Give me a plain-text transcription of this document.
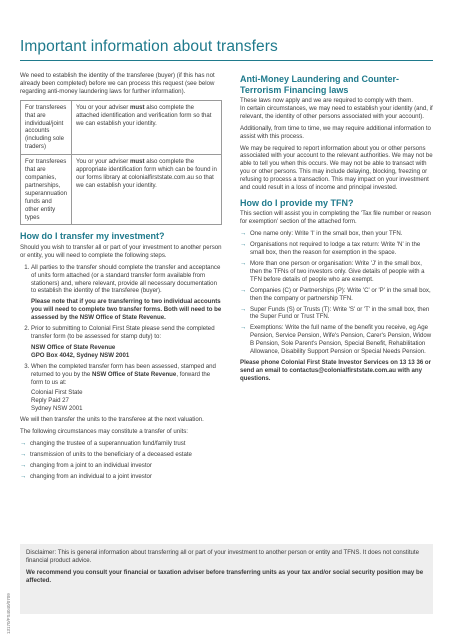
Important information about transfers

We need to establish the identity of the transferee (buyer) (if this has not already been completed) before we can process this request (see below regarding anti-money laundering laws for further information).

For transferees that are individual/joint accounts (including sole traders)	You or your adviser must also complete the attached identification and verification form so that we can establish your identity.
For transferees that are companies, partnerships, superannuation funds and other entity types	You or your adviser must also complete the appropriate identification form which can be found in our forms library at colonialfirststate.com.au so that we can establish your identity.
How do I transfer my investment?

Should you wish to transfer all or part of your investment to another person or entity, you will need to complete the following steps.

1. All parties to the transfer should complete the transfer and acceptance of units form attached (or a standard transfer form available from stationers) and, where relevant, provide all necessary documentation to establish the identity of the transferee (buyer).
Please note that if you are transferring to two individual accounts you will need to complete two transfer forms. Both will need to be assessed by the NSW Office of State Revenue.
2. Prior to submitting to Colonial First State please send the completed transfer form (to be assessed for stamp duty) to:
NSW Office of State Revenue
GPO Box 4042, Sydney NSW 2001
3. When the completed transfer form has been assessed, stamped and returned to you by the NSW Office of State Revenue, forward the form to us at:
Colonial First State
Reply Paid 27
Sydney NSW 2001

We will then transfer the units to the transferee at the next valuation.

The following circumstances may constitute a transfer of units:

→ changing the trustee of a superannuation fund/family trust
→ transmission of units to the beneficiary of a deceased estate
→ changing from a joint to an individual investor
→ changing from an individual to a joint investor
Anti-Money Laundering and Counter-Terrorism Financing laws

These laws now apply and we are required to comply with them.
In certain circumstances, we may need to establish your identity (and, if relevant, the identity of other persons associated with your account).

Additionally, from time to time, we may require additional information to assist with this process.

We may be required to report information about you or other persons associated with your account to the relevant authorities. We may not be able to tell you when this occurs. We may not be able to transact with you or other persons. This may include delaying, blocking, freezing or refusing to process a transaction. This may impact on your investment and could result in a loss of income and principal invested.

How do I provide my TFN?

This section will assist you in completing the 'Tax file number or reason for exemption' section of the attached form.

→ One name only: Write 'I' in the small box, then your TFN.
→ Organisations not required to lodge a tax return: Write 'N' in the small box, then the reason for exemption in the space.
→ More than one person or organisation: Write 'J' in the small box, then the TFNs of two investors only. Give details of people with a TFN before details of people who are exempt.
→ Companies (C) or Partnerships (P): Write 'C' or 'P' in the small box, then the company or partnership TFN.
→ Super Funds (S) or Trusts (T): Write 'S' or 'T' in the small box, then the Super Fund or Trust TFN.
→ Exemptions: Write the full name of the benefit you receive, eg Age Pension, Service Pension, Wife's Pension, Carer's Pension, Widow B Pension, Sole Parent's Pension, Special Benefit, Rehabilitation Allowance, Disability Support Pension or Special Needs Pension.

Please phone Colonial First State Investor Services on 13 13 36 or send an email to contactus@colonialfirststate.com.au with any questions.

Disclaimer: This is general information about transferring all or part of your investment to another person or entity and TFNS. It does not constitute financial product advice.

We recommend you consult your financial or taxation adviser before transferring units as your tax and/or social security position may be affected.

13170/FS4040/0709
